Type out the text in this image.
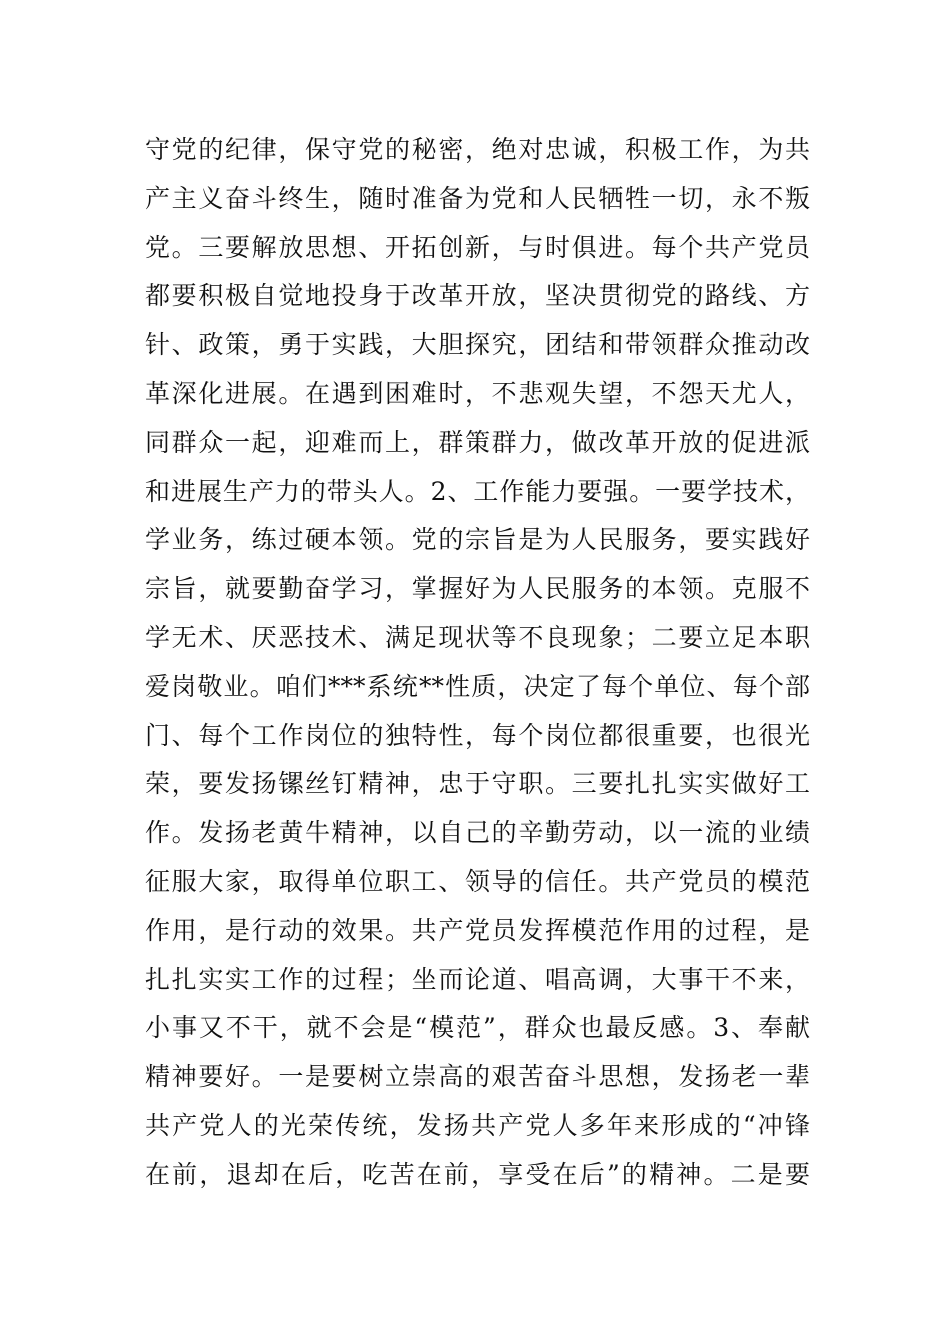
守党的纪律，保守党的秘密，绝对忠诚，积极工作，为共
产主义奋斗终生，随时准备为党和人民牺牲一切，永不叛
党。三要解放思想、开拓创新，与时俱进。每个共产党员
都要积极自觉地投身于改革开放，坚决贯彻党的路线、方
针、政策，勇于实践，大胆探究，团结和带领群众推动改
革深化进展。在遇到困难时，不悲观失望，不怨天尤人，
同群众一起，迎难而上，群策群力，做改革开放的促进派
和进展生产力的带头人。2、工作能力要强。一要学技术，
学业务，练过硬本领。党的宗旨是为人民服务，要实践好
宗旨，就要勤奋学习，掌握好为人民服务的本领。克服不
学无术、厌恶技术、满足现状等不良现象；二要立足本职
爱岗敬业。咱们***系统**性质，决定了每个单位、每个部
门、每个工作岗位的独特性，每个岗位都很重要，也很光
荣，要发扬镙丝钉精神，忠于守职。三要扎扎实实做好工
作。发扬老黄牛精神，以自己的辛勤劳动，以一流的业绩
征服大家，取得单位职工、领导的信任。共产党员的模范
作用，是行动的效果。共产党员发挥模范作用的过程，是
扎扎实实工作的过程；坐而论道、唱高调，大事干不来，
小事又不干，就不会是“模范”，群众也最反感。3、奉献
精神要好。一是要树立崇高的艰苦奋斗思想，发扬老一辈
共产党人的光荣传统，发扬共产党人多年来形成的“冲锋
在前，退却在后，吃苦在前，享受在后”的精神。二是要
